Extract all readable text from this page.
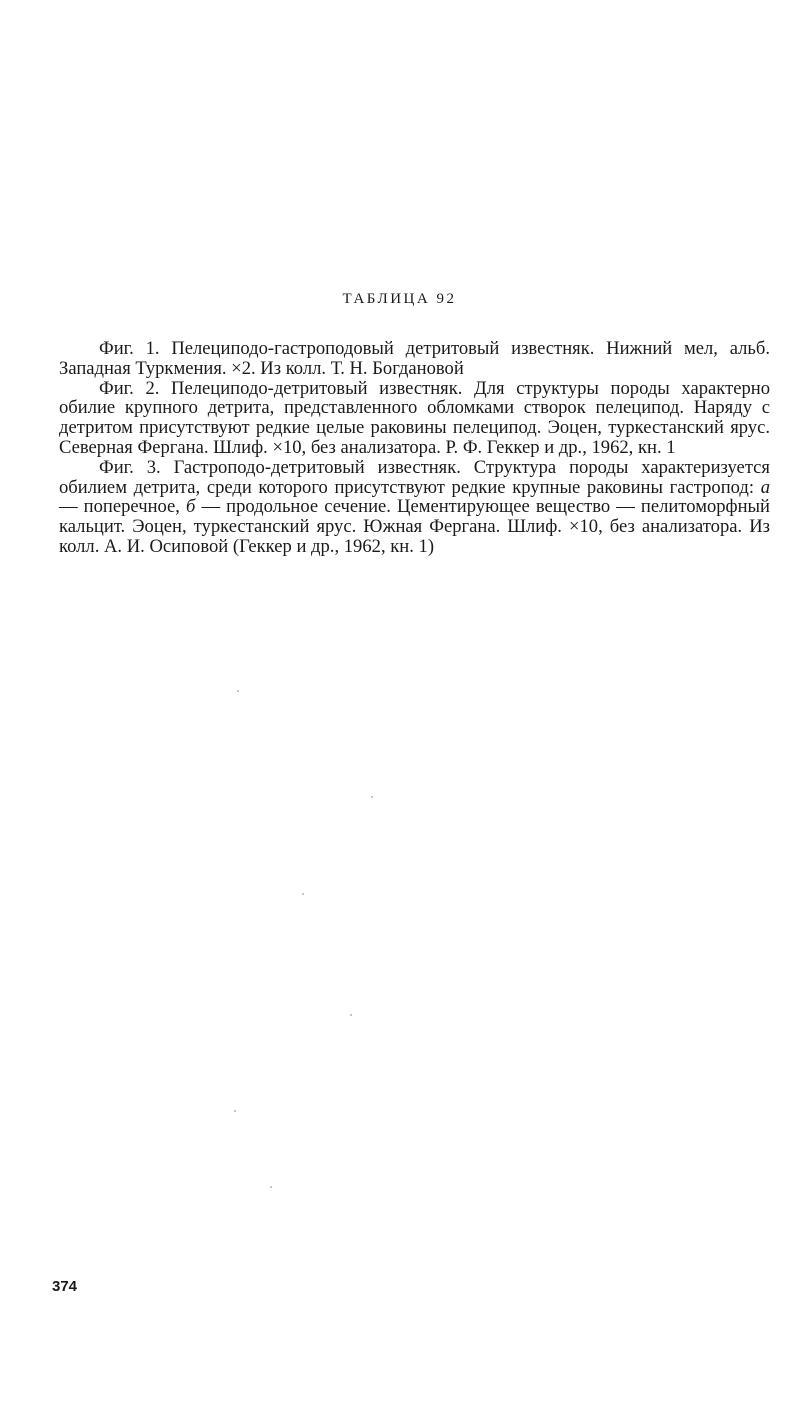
ТАБЛИЦА 92

Фиг. 1. Пелециподо-гастроподовый детритовый известняк. Нижний мел, альб. Западная Туркмения. ×2. Из колл. Т. Н. Богдановой

Фиг. 2. Пелециподо-детритовый известняк. Для структуры породы характерно обилие крупного детрита, представленного обломками створок пелеципод. Наряду с детритом присутствуют редкие целые раковины пелеципод. Эоцен, туркестанский ярус. Северная Фергана. Шлиф. ×10, без анализатора. Р. Ф. Геккер и др., 1962, кн. 1

Фиг. 3. Гастроподо-детритовый известняк. Структура породы характеризуется обилием детрита, среди которого присутствуют редкие крупные раковины гастропод: а — поперечное, б — продольное сечение. Цементирующее вещество — пелитоморфный кальцит. Эоцен, туркестанский ярус. Южная Фергана. Шлиф. ×10, без анализатора. Из колл. А. И. Осиповой (Геккер и др., 1962, кн. 1)

374
